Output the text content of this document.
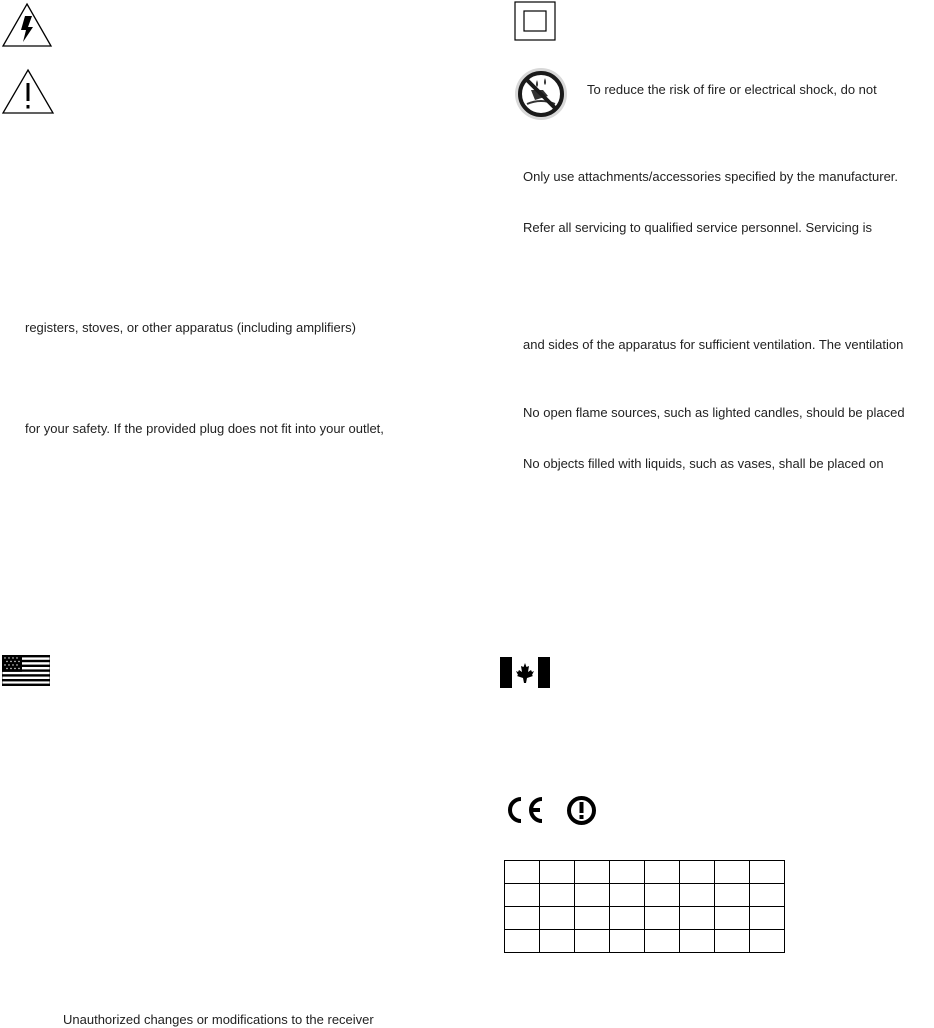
registers, stoves, or other apparatus (including amplifiers)
for your safety. If the provided plug does not fit into your outlet,
Unauthorized changes or modifications to the receiver
To reduce the risk of fire or electrical shock, do not
Only use attachments/accessories specified by the manufacturer.
Refer all servicing to qualified service personnel. Servicing is
and sides of the apparatus for sufficient ventilation. The ventilation
No open flame sources, such as lighted candles, should be placed
No objects filled with liquids, such as vases, shall be placed on
